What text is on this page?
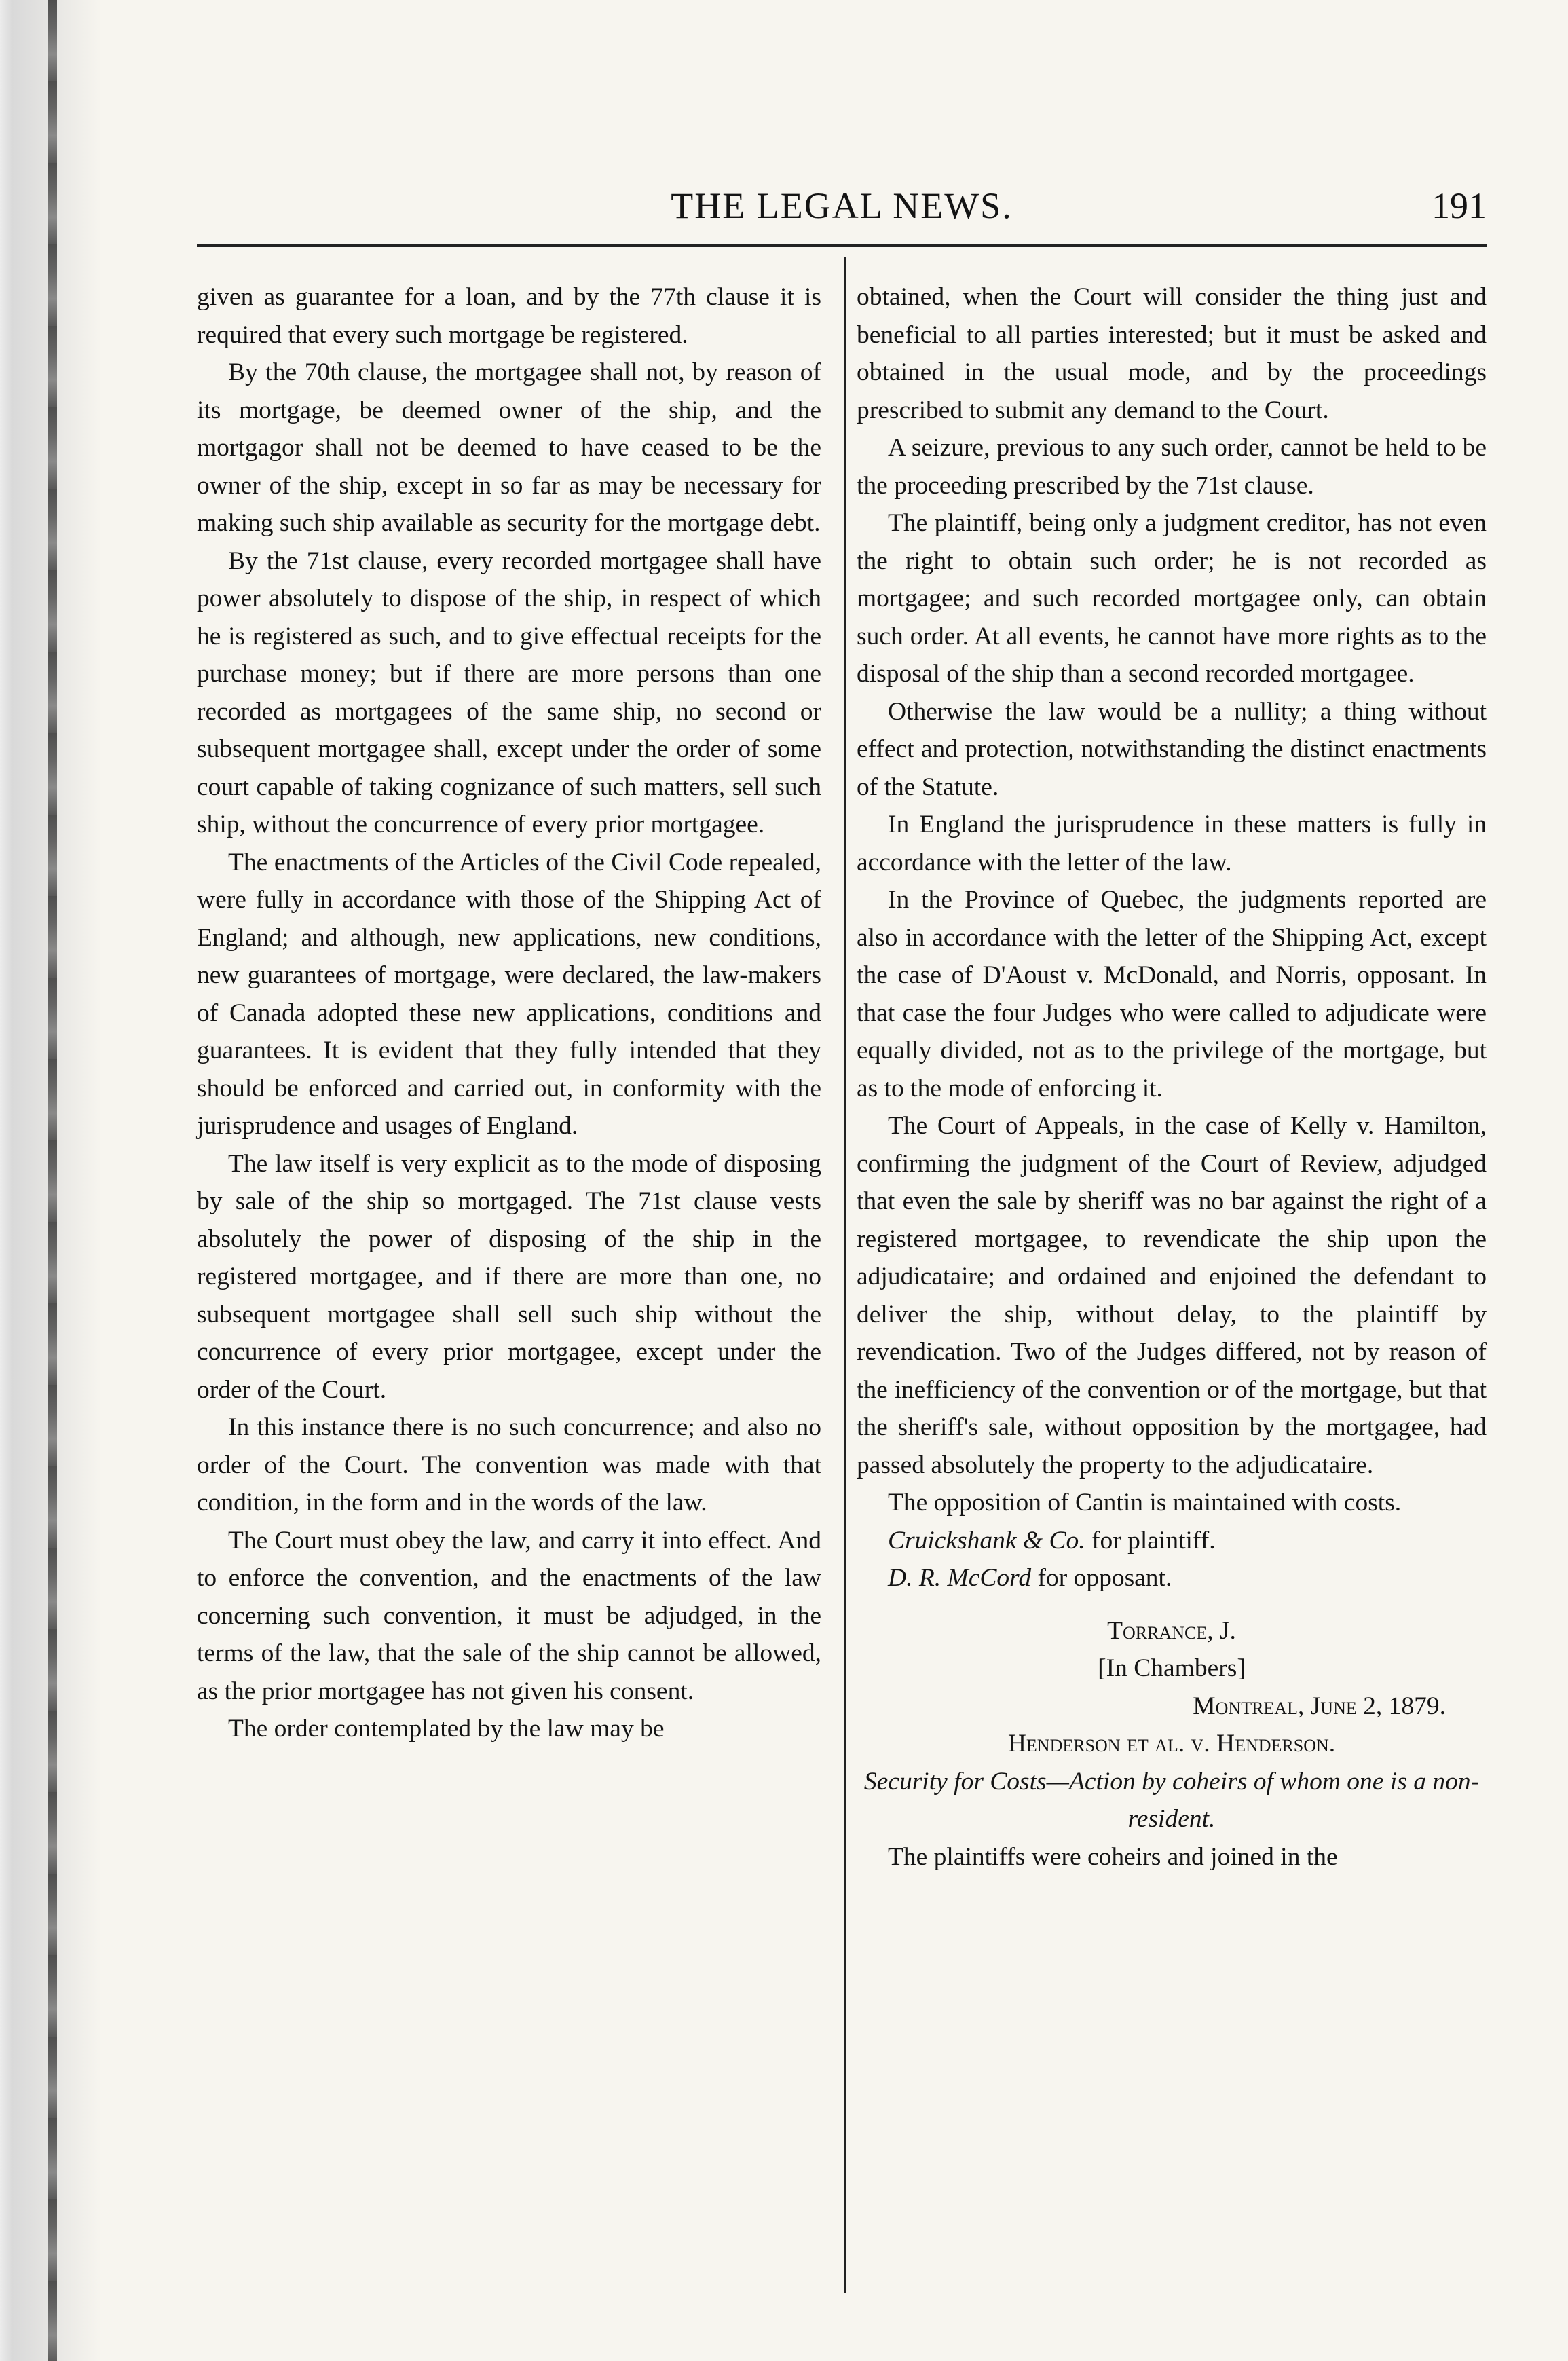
THE LEGAL NEWS.	191

given as guarantee for a loan, and by the 77th clause it is required that every such mortgage be registered.

By the 70th clause, the mortgagee shall not, by reason of its mortgage, be deemed owner of the ship, and the mortgagor shall not be deemed to have ceased to be the owner of the ship, except in so far as may be necessary for making such ship available as security for the mortgage debt.

By the 71st clause, every recorded mortgagee shall have power absolutely to dispose of the ship, in respect of which he is registered as such, and to give effectual receipts for the purchase money; but if there are more persons than one recorded as mortgagees of the same ship, no second or subsequent mortgagee shall, except under the order of some court capable of taking cognizance of such matters, sell such ship, without the concurrence of every prior mortgagee.

The enactments of the Articles of the Civil Code repealed, were fully in accordance with those of the Shipping Act of England; and although, new applications, new conditions, new guarantees of mortgage, were declared, the law-makers of Canada adopted these new applications, conditions and guarantees. It is evident that they fully intended that they should be enforced and carried out, in conformity with the jurisprudence and usages of England.

The law itself is very explicit as to the mode of disposing by sale of the ship so mortgaged. The 71st clause vests absolutely the power of disposing of the ship in the registered mortgagee, and if there are more than one, no subsequent mortgagee shall sell such ship without the concurrence of every prior mortgagee, except under the order of the Court.

In this instance there is no such concurrence; and also no order of the Court. The convention was made with that condition, in the form and in the words of the law.

The Court must obey the law, and carry it into effect. And to enforce the convention, and the enactments of the law concerning such convention, it must be adjudged, in the terms of the law, that the sale of the ship cannot be allowed, as the prior mortgagee has not given his consent.

The order contemplated by the law may be

obtained, when the Court will consider the thing just and beneficial to all parties interested; but it must be asked and obtained in the usual mode, and by the proceedings prescribed to submit any demand to the Court.

A seizure, previous to any such order, cannot be held to be the proceeding prescribed by the 71st clause.

The plaintiff, being only a judgment creditor, has not even the right to obtain such order; he is not recorded as mortgagee; and such recorded mortgagee only, can obtain such order. At all events, he cannot have more rights as to the disposal of the ship than a second recorded mortgagee.

Otherwise the law would be a nullity; a thing without effect and protection, notwithstanding the distinct enactments of the Statute.

In England the jurisprudence in these matters is fully in accordance with the letter of the law.

In the Province of Quebec, the judgments reported are also in accordance with the letter of the Shipping Act, except the case of D'Aoust v. McDonald, and Norris, opposant. In that case the four Judges who were called to adjudicate were equally divided, not as to the privilege of the mortgage, but as to the mode of enforcing it.

The Court of Appeals, in the case of Kelly v. Hamilton, confirming the judgment of the Court of Review, adjudged that even the sale by sheriff was no bar against the right of a registered mortgagee, to revendicate the ship upon the adjudicataire; and ordained and enjoined the defendant to deliver the ship, without delay, to the plaintiff by revendication. Two of the Judges differed, not by reason of the inefficiency of the convention or of the mortgage, but that the sheriff's sale, without opposition by the mortgagee, had passed absolutely the property to the adjudicataire.

The opposition of Cantin is maintained with costs.

Cruickshank & Co. for plaintiff.

D. R. McCord for opposant.

Torrance, J.

[In Chambers]

Montreal, June 2, 1879.

Henderson et al. v. Henderson.

Security for Costs—Action by coheirs of whom one is a non-resident.

The plaintiffs were coheirs and joined in the
